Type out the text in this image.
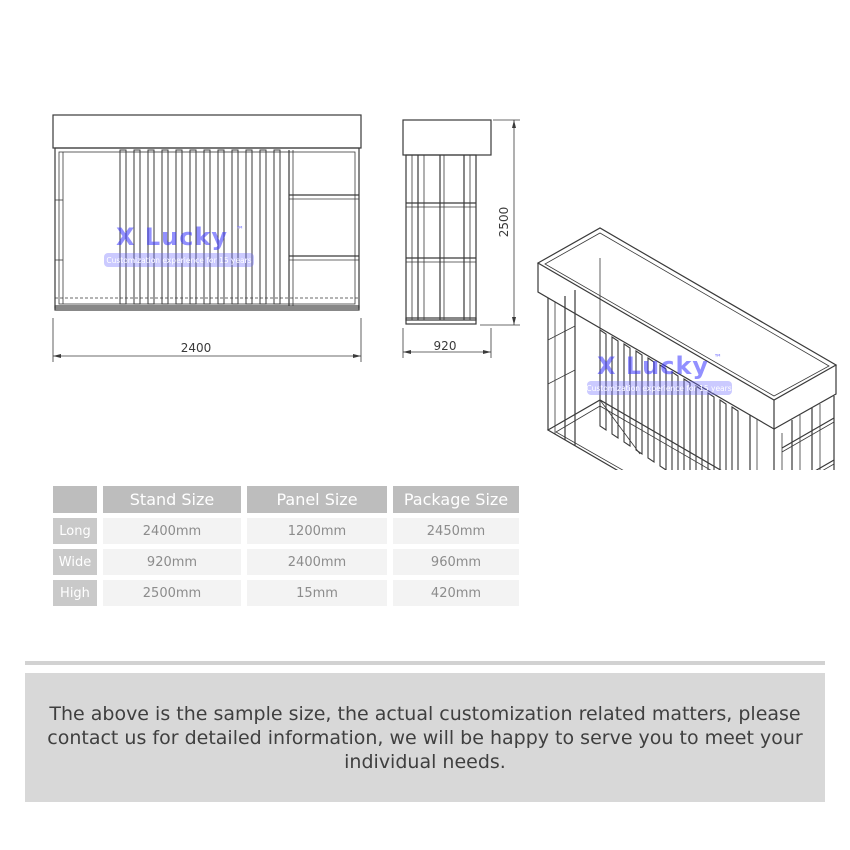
2400	920
2500
X Lucky ™
Customization experience for 15 years
X Lucky ™
Customization experience for 15 years
		Stand Size		Panel Size		Package Size

Long		2400mm		1200mm		2450mm

Wide		920mm		2400mm		960mm

High		2500mm		15mm		420mm
The above is the sample size, the actual customization related matters, please contact us for detailed information, we will be happy to serve you to meet your individual needs.
